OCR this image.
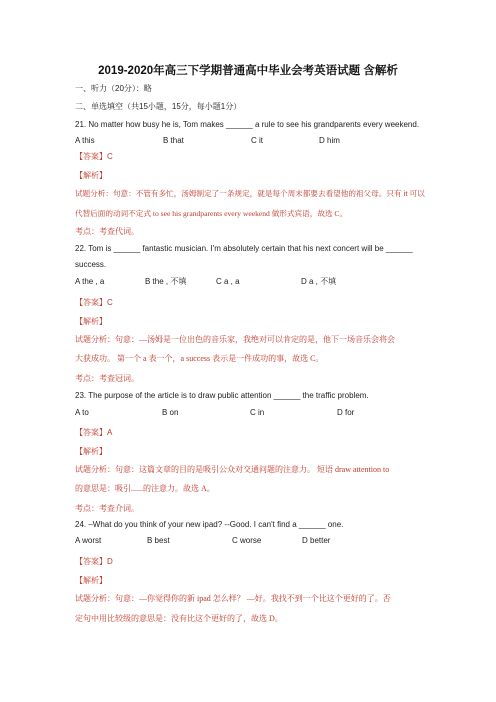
2019-2020年高三下学期普通高中毕业会考英语试题 含解析
一、听力（20分）：略
二、单选填空（共15小题，15分，每小题1分）
21. No matter how busy he is, Tom makes ______ a rule to see his grandparents every weekend.
A this	B that	C it	D him
【答案】C
【解析】
试题分析：句意：不管有多忙，汤姆制定了一条规定，就是每个周末都要去看望他的祖父母。只有 it 可以
代替后面的动词不定式 to see his grandparents every weekend 做形式宾语，故选 C。
考点：考查代词。
22. Tom is ______ fantastic musician. I'm absolutely certain that his next concert will be ______
success.
A the , a	B the , 不填	C a , a	D a , 不填
【答案】C
【解析】
试题分析：句意：—汤姆是一位出色的音乐家，我绝对可以肯定的是，他下一场音乐会将会
大获成功。 第一个 a 表一个，a success 表示是一件成功的事，故选 C。
考点：考查冠词。
23. The purpose of the article is to draw public attention ______ the traffic problem.
A to	B on	C in	D for
【答案】A
【解析】
试题分析：句意：这篇文章的目的是吸引公众对交通问题的注意力。 短语 draw attention to
的意思是：吸引......的注意力。故选 A。
考点：考查介词。
24. –What do you think of your new ipad? --Good. I can't find a ______ one.
A worst	B best	C worse	D better
【答案】D
【解析】
试题分析：句意：—你觉得你的新 ipad 怎么样？ —好。我找不到一个比这个更好的了。否
定句中用比较级的意思是：没有比这个更好的了，故选 D。
